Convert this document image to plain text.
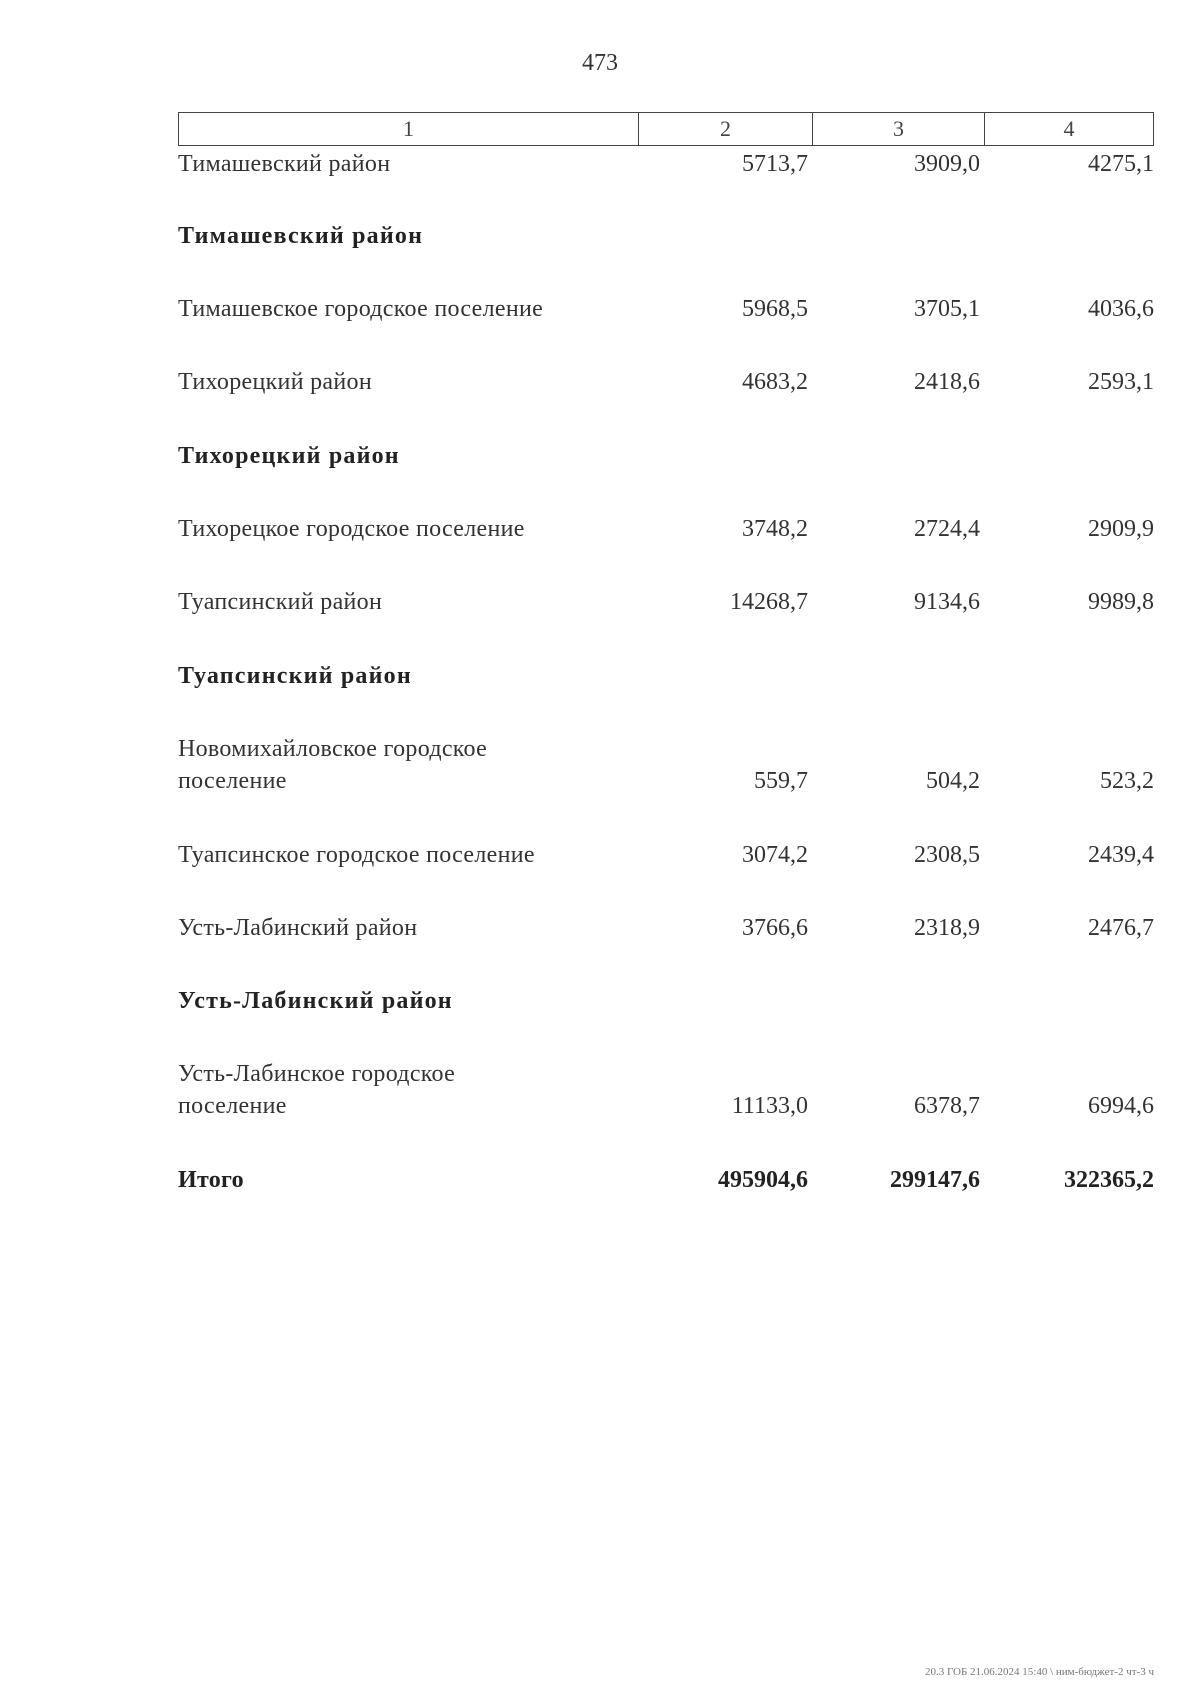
473
1	2	3	4
Тимашевский район	5713,7	3909,0	4275,1
Тимашевский район
Тимашевское городское поселение	5968,5	3705,1	4036,6
Тихорецкий район	4683,2	2418,6	2593,1
Тихорецкий район
Тихорецкое городское поселение	3748,2	2724,4	2909,9
Туапсинский район	14268,7	9134,6	9989,8
Туапсинский район
Новомихайловское городское
поселение	559,7	504,2	523,2
Туапсинское городское поселение	3074,2	2308,5	2439,4
Усть-Лабинский район	3766,6	2318,9	2476,7
Усть-Лабинский район
Усть-Лабинское городское
поселение	11133,0	6378,7	6994,6
Итого	495904,6	299147,6	322365,2
20.3 ГОБ 21.06.2024 15:40 \ ним-бюджет-2 чт-3 ч
